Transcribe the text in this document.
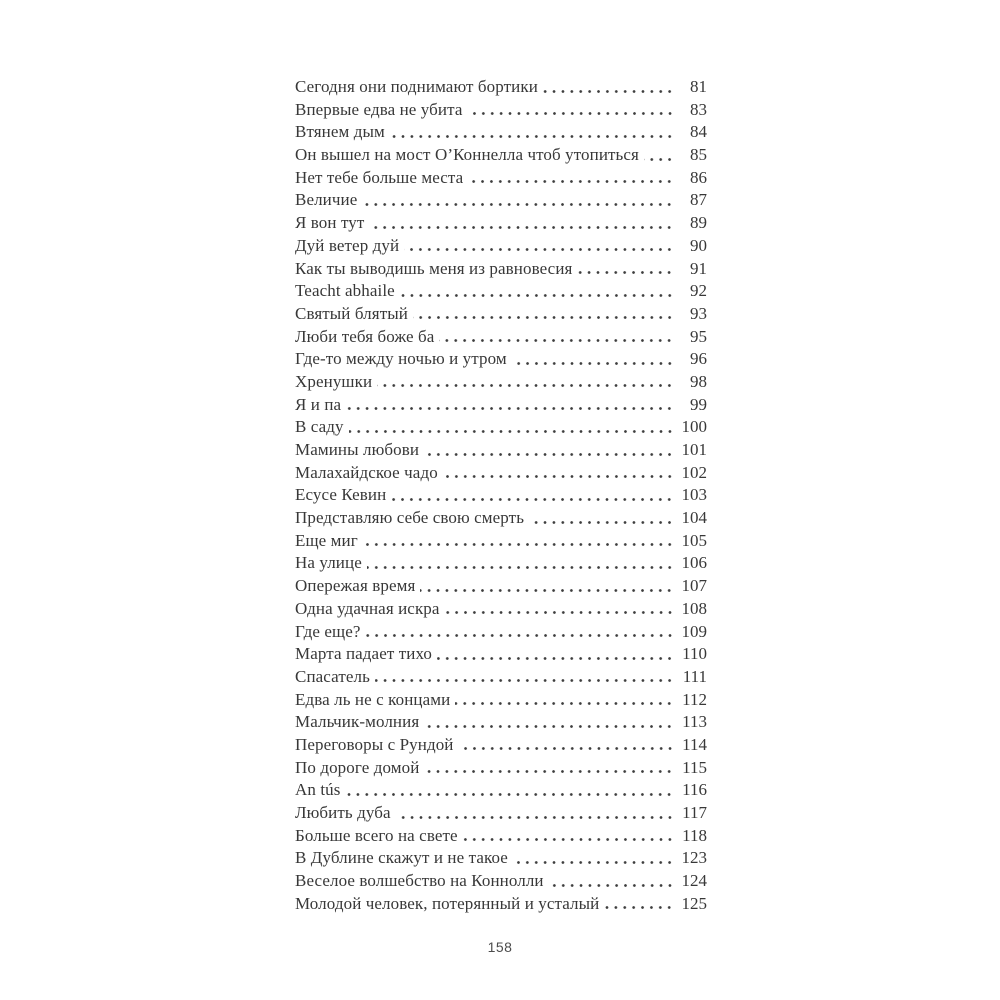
Сегодня они поднимают бортики	81
Впервые едва не убита	83
Втянем дым	84
Он вышел на мост О’Коннелла чтоб утопиться	85
Нет тебе больше места	86
Величие	87
Я вон тут	89
Дуй ветер дуй	90
Как ты выводишь меня из равновесия	91
Teacht abhaile	92
Святый блятый	93
Люби тебя боже ба	95
Где-то между ночью и утром	96
Хренушки	98
Я и па	99
В саду	100
Мамины любови	101
Малахайдское чадо	102
Есусе Кевин	103
Представляю себе свою смерть	104
Еще миг	105
На улице	106
Опережая время	107
Одна удачная искра	108
Где еще?	109
Марта падает тихо	110
Спасатель	111
Едва ль не с концами	112
Мальчик-молния	113
Переговоры с Рундой	114
По дороге домой	115
An tús	116
Любить дуба	117
Больше всего на свете	118
В Дублине скажут и не такое	123
Веселое волшебство на Коннолли	124
Молодой человек, потерянный и усталый	125
158
